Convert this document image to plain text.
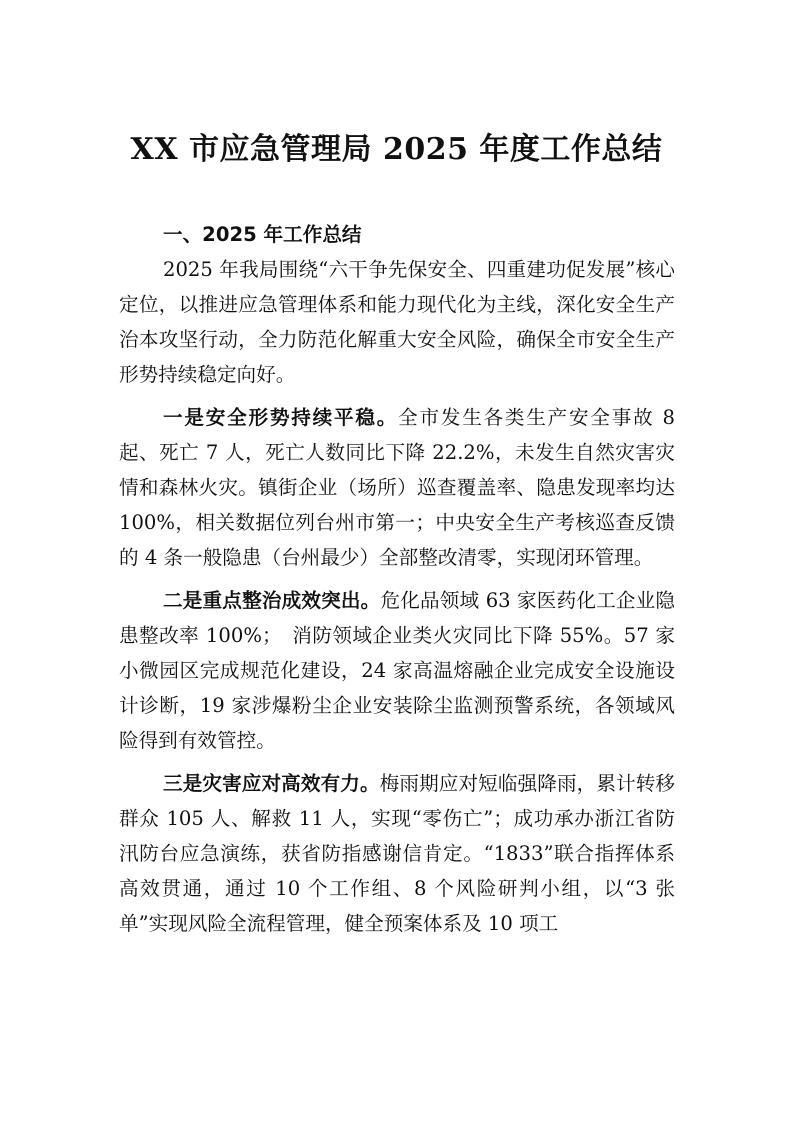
XX 市应急管理局 2025 年度工作总结

一、2025 年工作总结

2025 年我局围绕“六干争先保安全、四重建功促发展”核心定位，以推进应急管理体系和能力现代化为主线，深化安全生产治本攻坚行动，全力防范化解重大安全风险，确保全市安全生产形势持续稳定向好。

一是安全形势持续平稳。全市发生各类生产安全事故 8 起、死亡 7 人，死亡人数同比下降 22.2%，未发生自然灾害灾情和森林火灾。镇街企业（场所）巡查覆盖率、隐患发现率均达 100%，相关数据位列台州市第一；中央安全生产考核巡查反馈的 4 条一般隐患（台州最少）全部整改清零，实现闭环管理。

二是重点整治成效突出。危化品领域 63 家医药化工企业隐患整改率 100%；　消防领域企业类火灾同比下降 55%。57 家小微园区完成规范化建设，24 家高温熔融企业完成安全设施设计诊断，19 家涉爆粉尘企业安装除尘监测预警系统，各领域风险得到有效管控。

三是灾害应对高效有力。梅雨期应对短临强降雨，累计转移群众 105 人、解救 11 人，实现“零伤亡”；成功承办浙江省防汛防台应急演练，获省防指感谢信肯定。“1833”联合指挥体系高效贯通，通过 10 个工作组、8 个风险研判小组，以“3 张单”实现风险全流程管理，健全预案体系及 10 项工
